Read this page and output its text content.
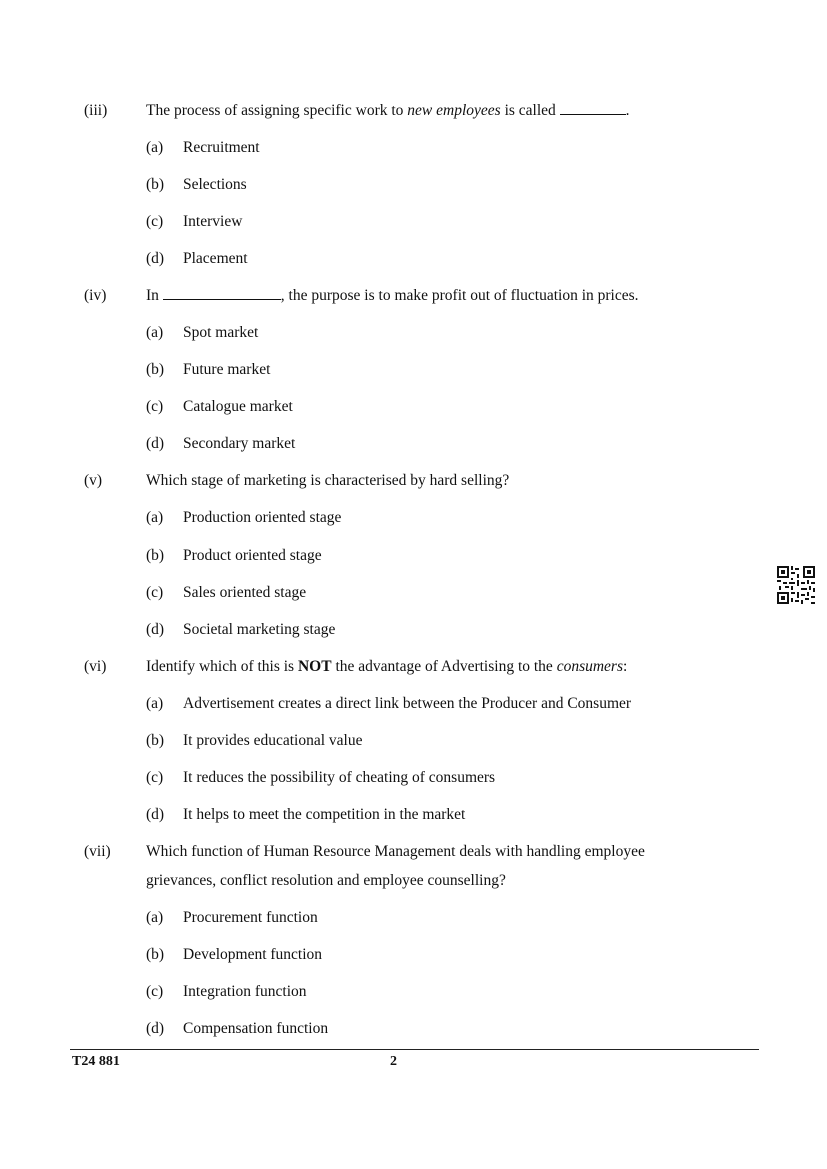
(iii)	The process of assigning specific work to new employees is called	.
(a) Recruitment
(b) Selections
(c) Interview
(d) Placement
(iv)	In	, the purpose is to make profit out of fluctuation in prices.
(a) Spot market
(b) Future market
(c) Catalogue market
(d) Secondary market
(v)	Which stage of marketing is characterised by hard selling?
(a) Production oriented stage
(b) Product oriented stage
(c) Sales oriented stage
(d) Societal marketing stage
(vi)	Identify which of this is NOT the advantage of Advertising to the consumers:
(a) Advertisement creates a direct link between the Producer and Consumer
(b) It provides educational value
(c) It reduces the possibility of cheating of consumers
(d) It helps to meet the competition in the market
(vii) Which function of Human Resource Management deals with handling employee grievances, conflict resolution and employee counselling?
(a) Procurement function
(b) Development function
(c) Integration function
(d) Compensation function
T24 881	2
